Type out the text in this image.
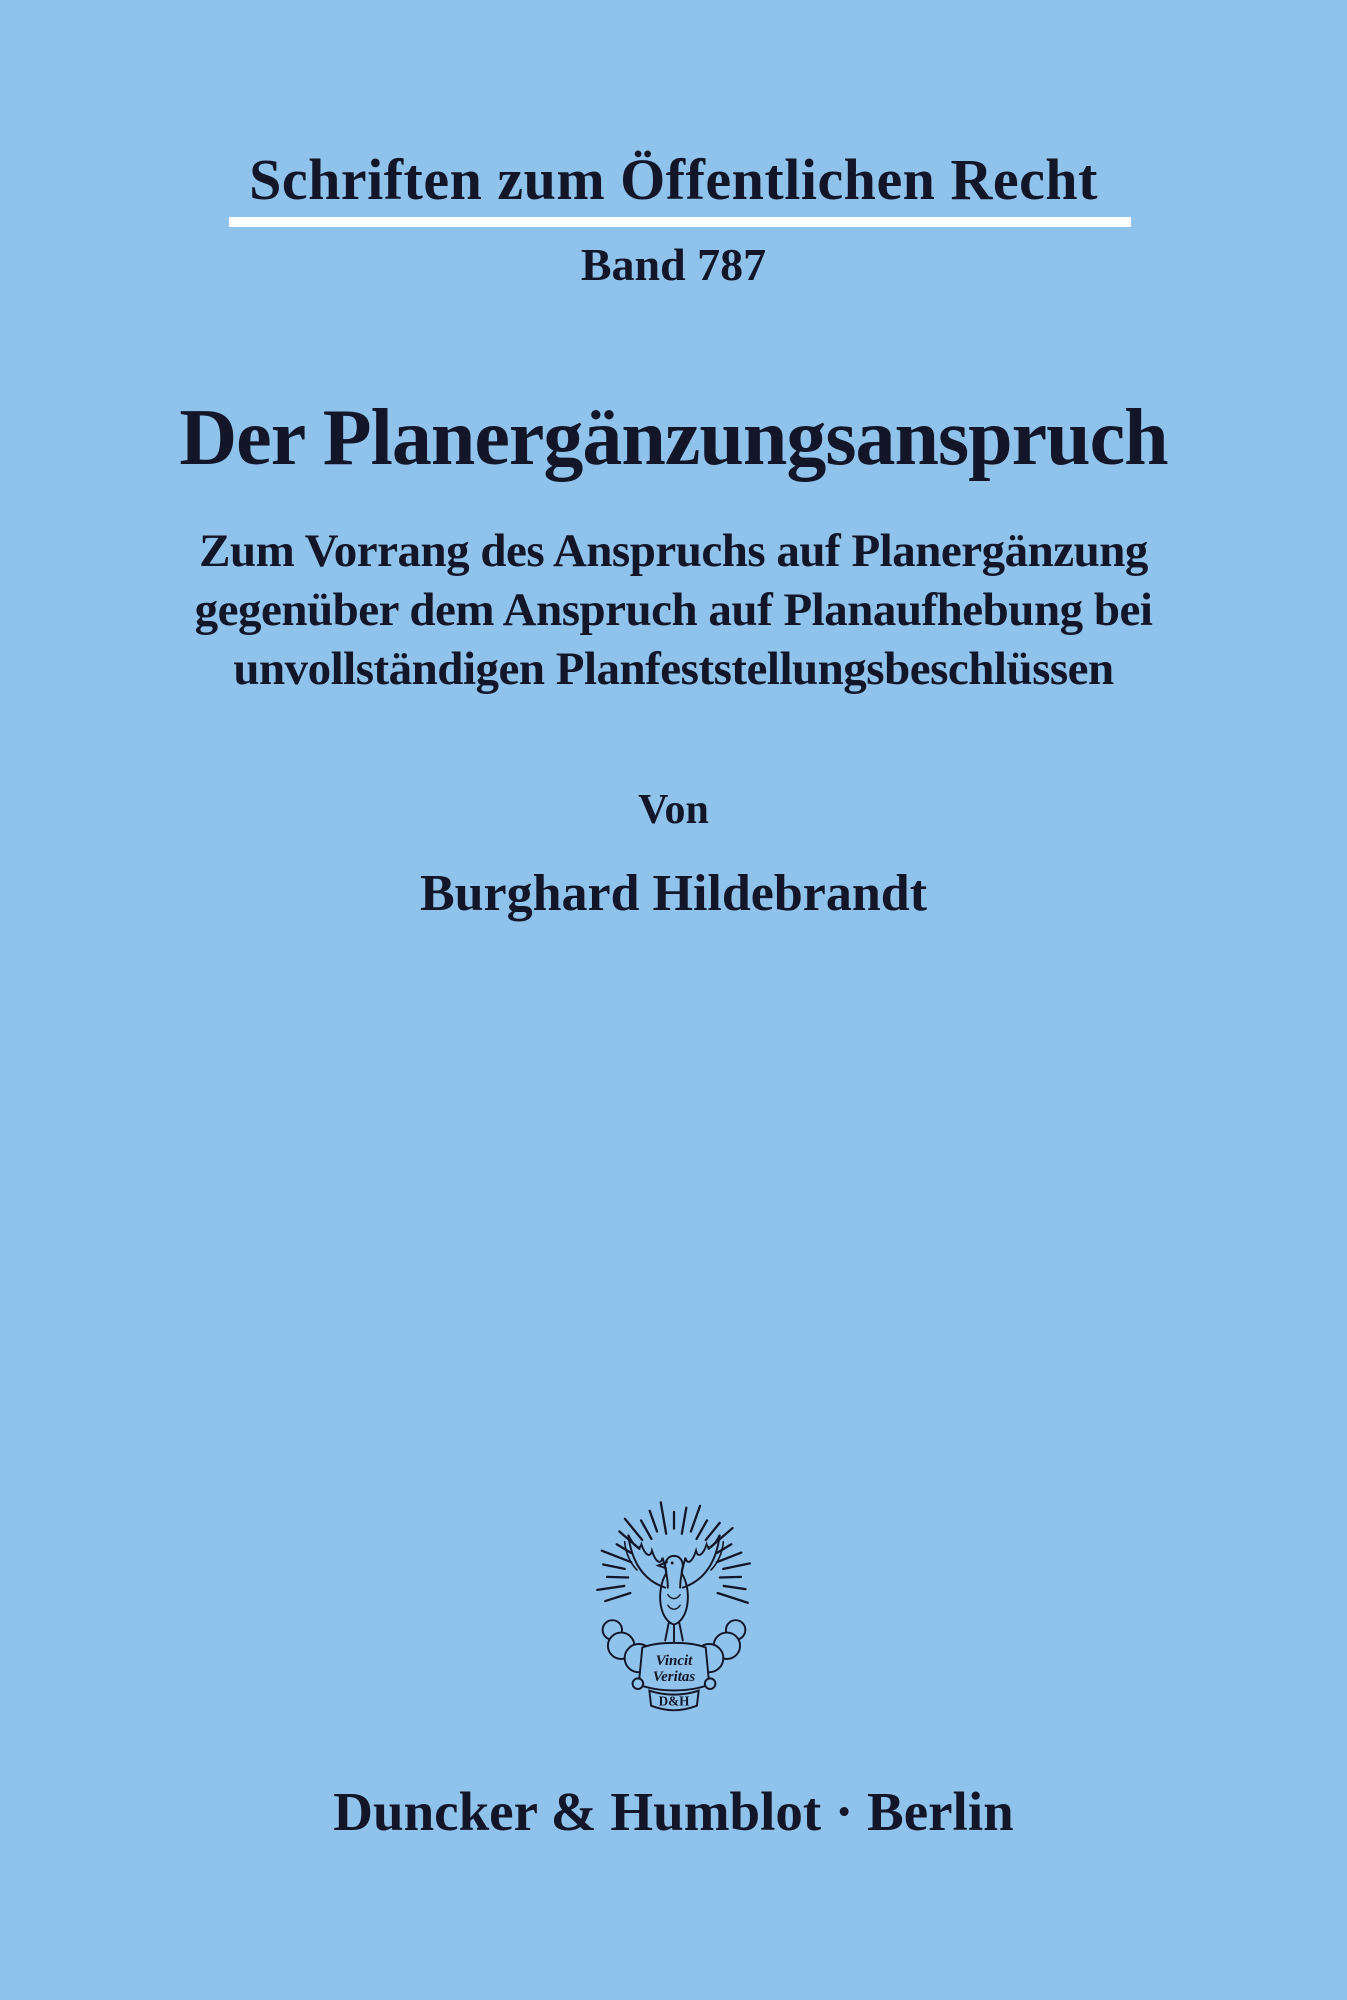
Schriften zum Öffentlichen Recht
Band 787
Der Planergänzungsanspruch
Zum Vorrang des Anspruchs auf Planergänzung
gegenüber dem Anspruch auf Planaufhebung bei
unvollständigen Planfeststellungsbeschlüssen
Von
Burghard Hildebrandt
Vincit
Veritas
D&H
Duncker & Humblot · Berlin
